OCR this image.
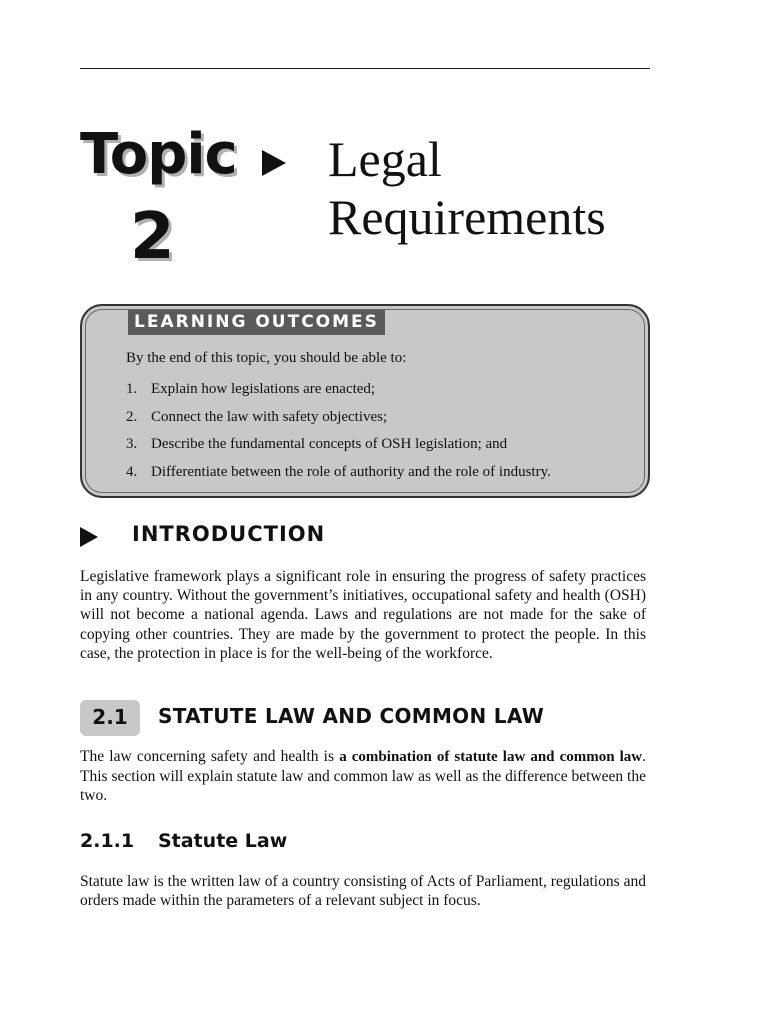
Topic
2
Legal
Requirements
LEARNING OUTCOMES
By the end of this topic, you should be able to:
1. Explain how legislations are enacted;
2. Connect the law with safety objectives;
3. Describe the fundamental concepts of OSH legislation; and
4. Differentiate between the role of authority and the role of industry.
INTRODUCTION
Legislative framework plays a significant role in ensuring the progress of safety practices in any country. Without the government’s initiatives, occupational safety and health (OSH) will not become a national agenda. Laws and regulations are not made for the sake of copying other countries. They are made by the government to protect the people. In this case, the protection in place is for the well-being of the workforce.
2.1	STATUTE LAW AND COMMON LAW
The law concerning safety and health is a combination of statute law and common law. This section will explain statute law and common law as well as the difference between the two.
2.1.1 Statute Law
Statute law is the written law of a country consisting of Acts of Parliament, regulations and orders made within the parameters of a relevant subject in focus.
